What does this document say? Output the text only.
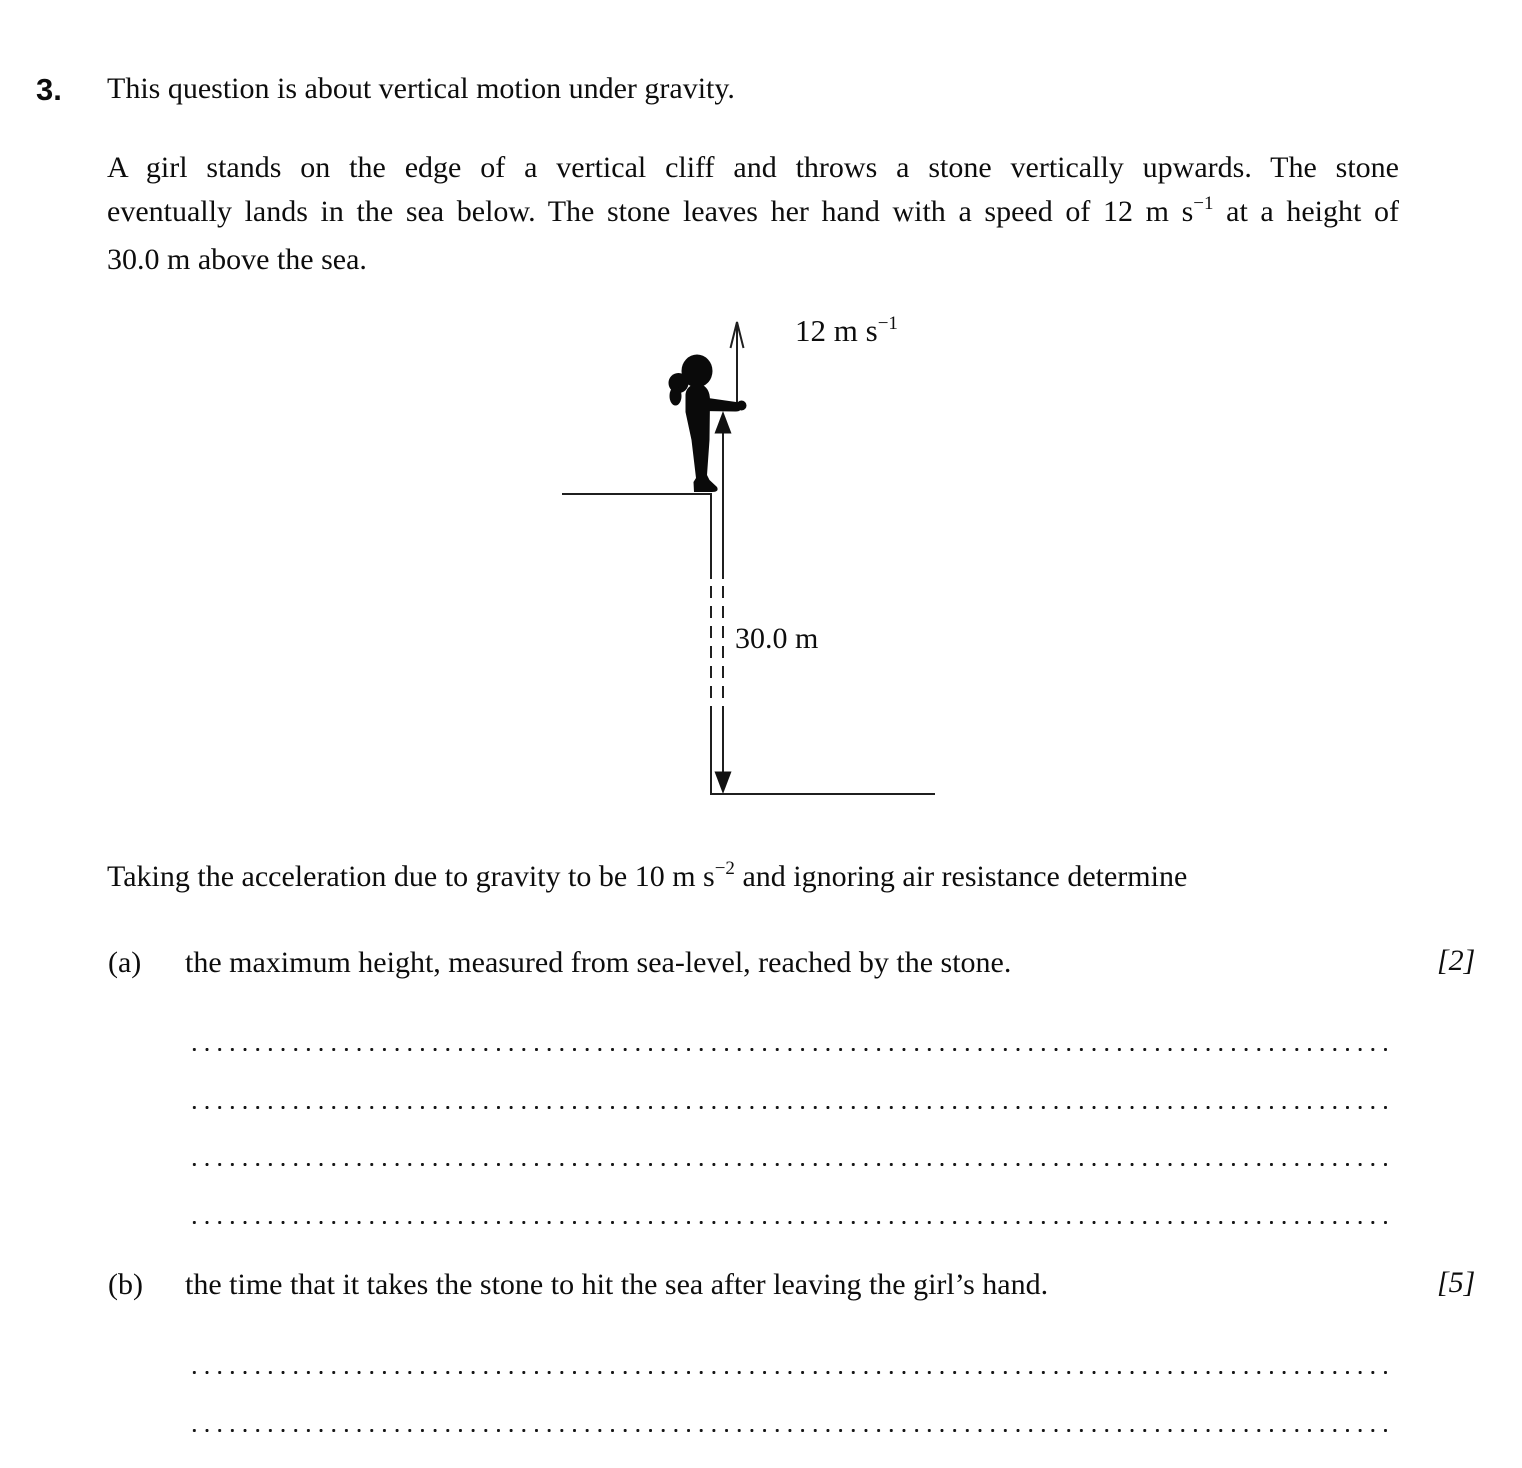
3. This question is about vertical motion under gravity.
A girl stands on the edge of a vertical cliff and throws a stone vertically upwards. The stone
eventually lands in the sea below. The stone leaves her hand with a speed of 12 m $s^{-1}$ at a height of
30.0 m above the sea.
12 m $s^{-1}$
30.0 m
Taking the acceleration due to gravity to be 10 m $s^{-2}$ and ignoring air resistance determine
(a) the maximum height, measured from sea-level, reached by the stone.	[2]
(b) the time that it takes the stone to hit the sea after leaving the girl’s hand.	[5]
